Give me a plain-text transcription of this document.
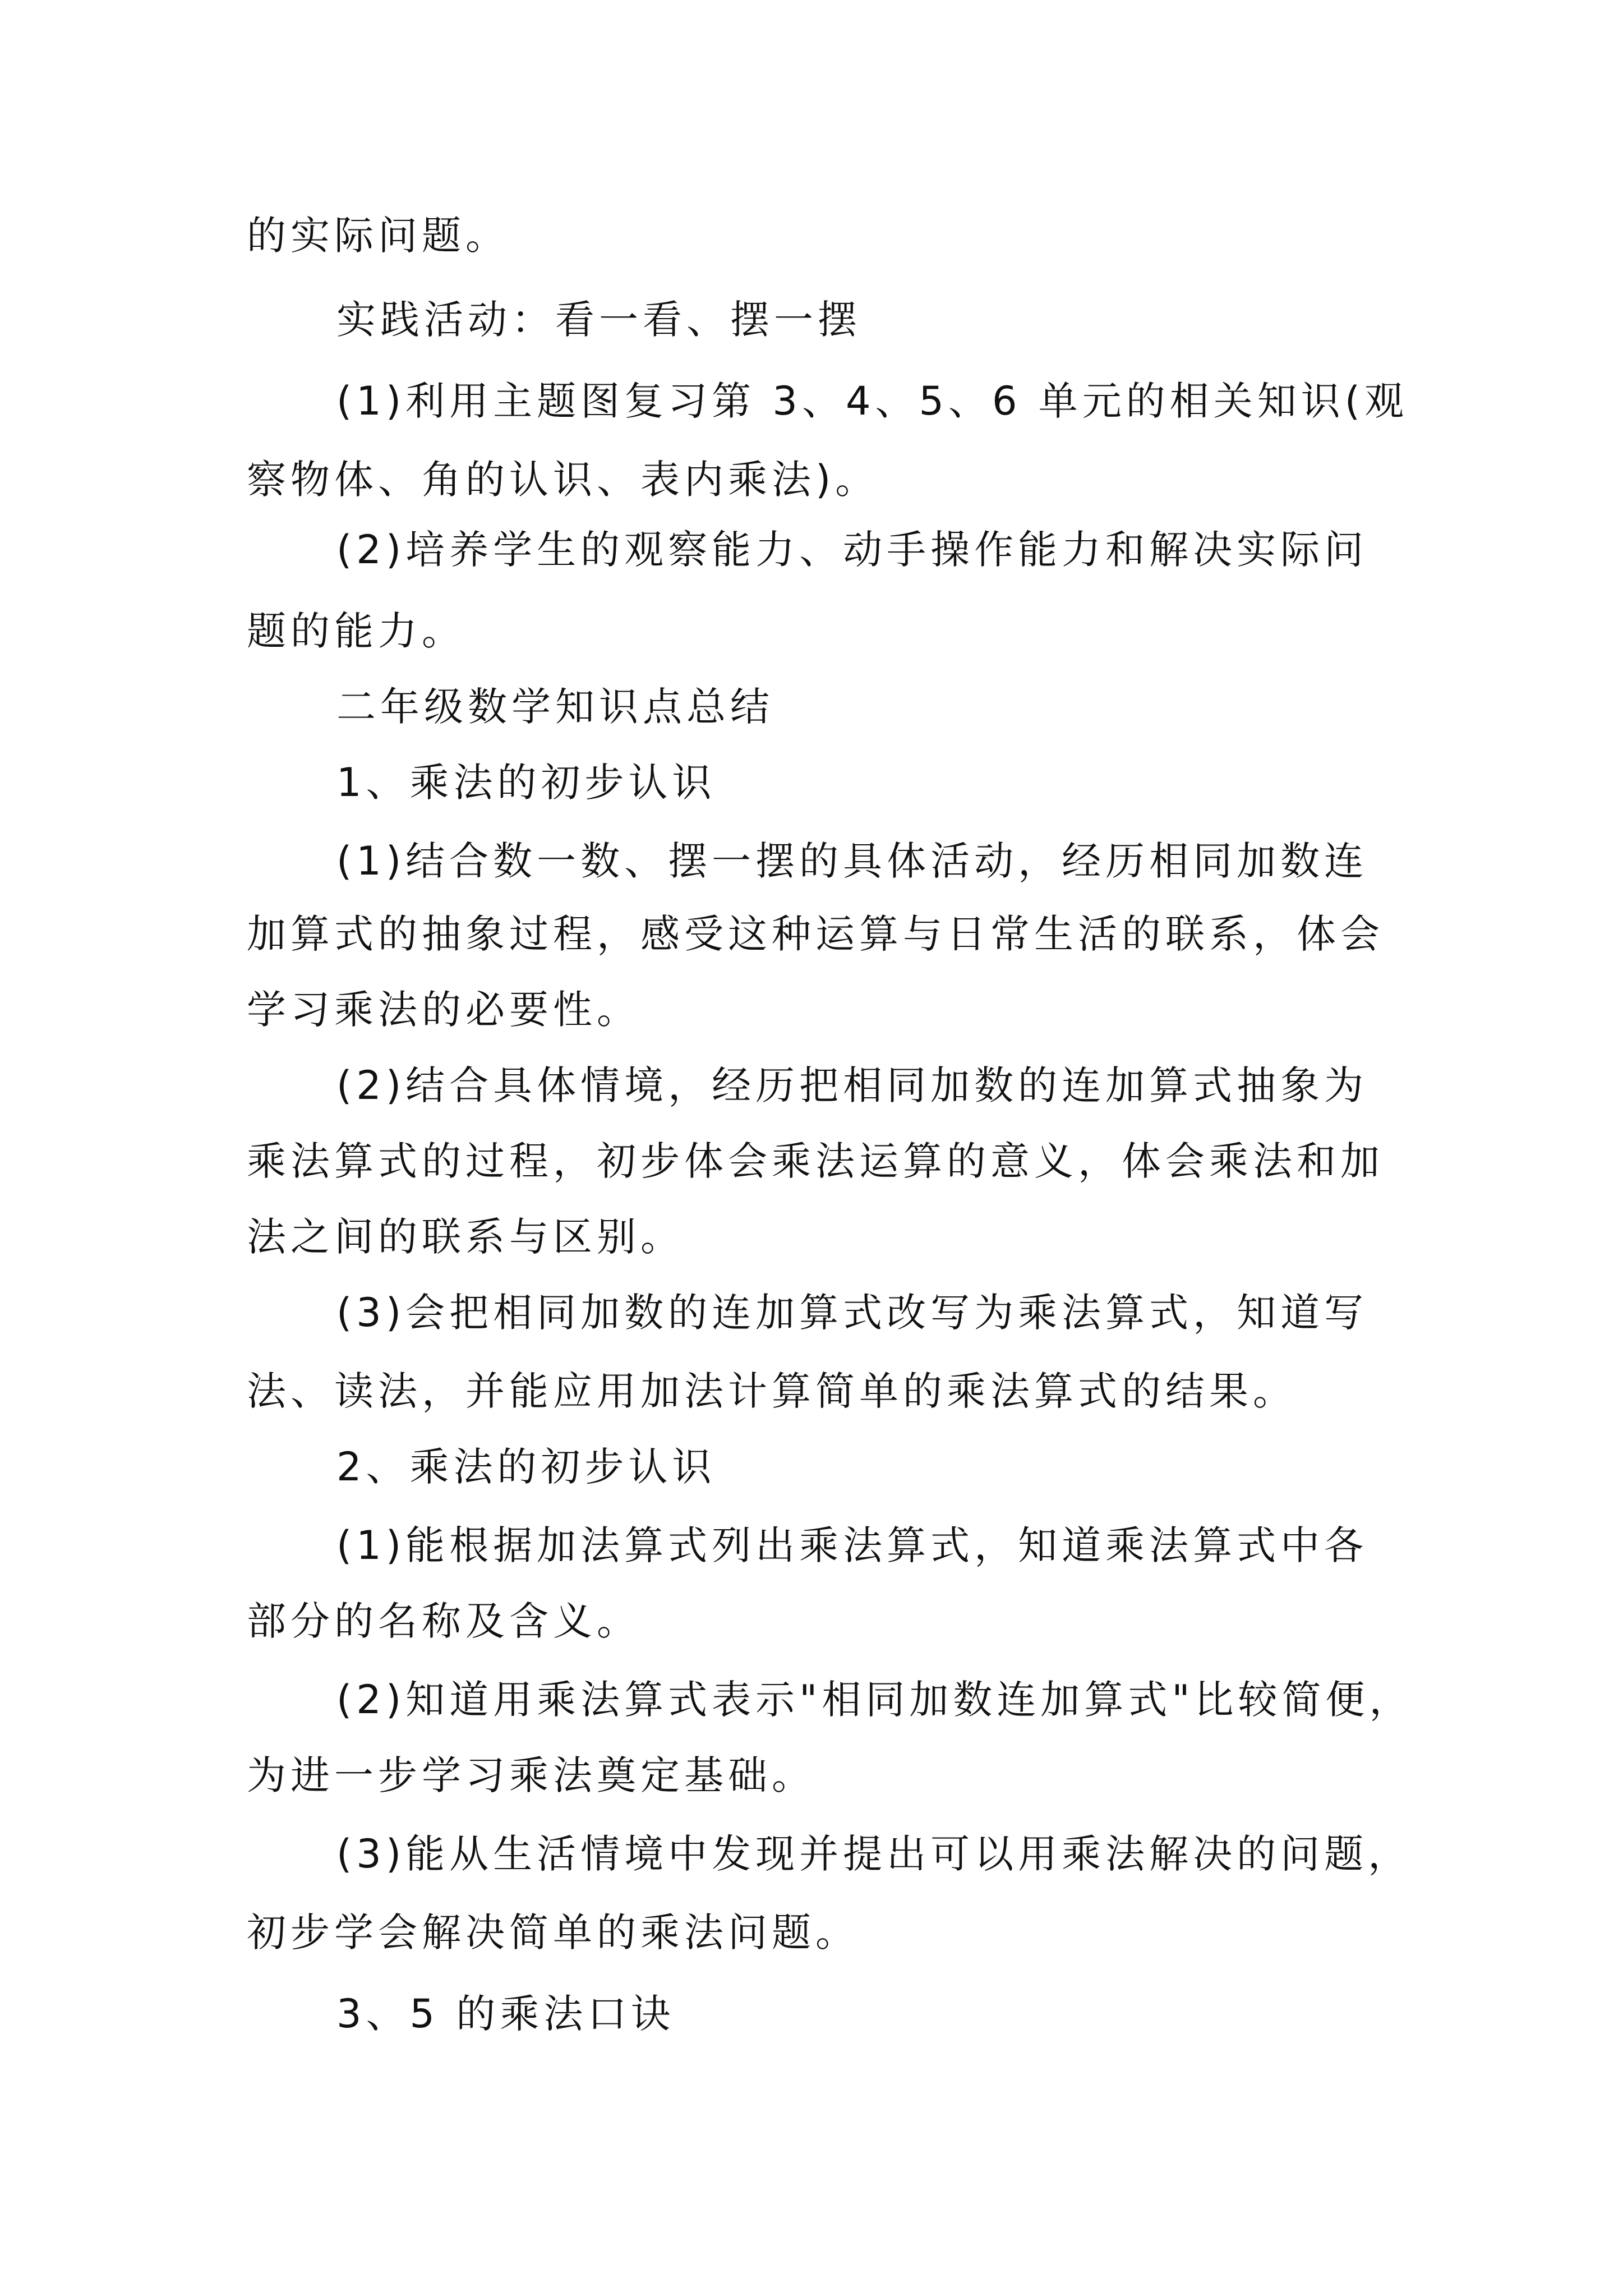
的实际问题。
实践活动：看一看、摆一摆
(1)利用主题图复习第 3、4、5、6 单元的相关知识(观
察物体、角的认识、表内乘法)。
(2)培养学生的观察能力、动手操作能力和解决实际问
题的能力。
二年级数学知识点总结
1、乘法的初步认识
(1)结合数一数、摆一摆的具体活动，经历相同加数连
加算式的抽象过程，感受这种运算与日常生活的联系，体会
学习乘法的必要性。
(2)结合具体情境，经历把相同加数的连加算式抽象为
乘法算式的过程，初步体会乘法运算的意义，体会乘法和加
法之间的联系与区别。
(3)会把相同加数的连加算式改写为乘法算式，知道写
法、读法，并能应用加法计算简单的乘法算式的结果。
2、乘法的初步认识
(1)能根据加法算式列出乘法算式，知道乘法算式中各
部分的名称及含义。
(2)知道用乘法算式表示"相同加数连加算式"比较简便，
为进一步学习乘法奠定基础。
(3)能从生活情境中发现并提出可以用乘法解决的问题，
初步学会解决简单的乘法问题。
3、5 的乘法口诀
